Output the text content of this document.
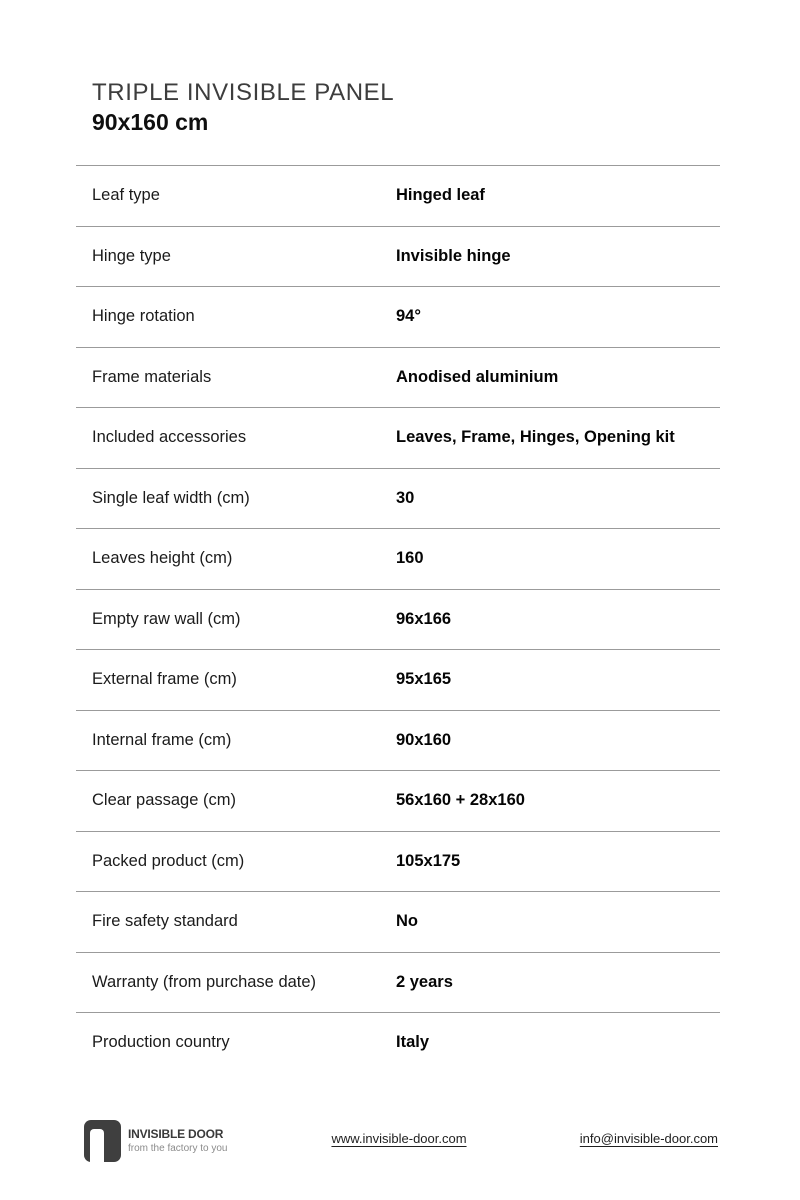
TRIPLE INVISIBLE PANEL
90x160 cm
Leaf type	Hinged leaf
Hinge type	Invisible hinge
Hinge rotation	94°
Frame materials	Anodised aluminium
Included accessories	Leaves, Frame, Hinges, Opening kit
Single leaf width (cm)	30
Leaves height (cm)	160
Empty raw wall (cm)	96x166
External frame (cm)	95x165
Internal frame (cm)	90x160
Clear passage (cm)	56x160 + 28x160
Packed product (cm)	105x175
Fire safety standard	No
Warranty (from purchase date)	2 years
Production country	Italy
INVISIBLE DOOR
from the factory to you
www.invisible-door.com	info@invisible-door.com
